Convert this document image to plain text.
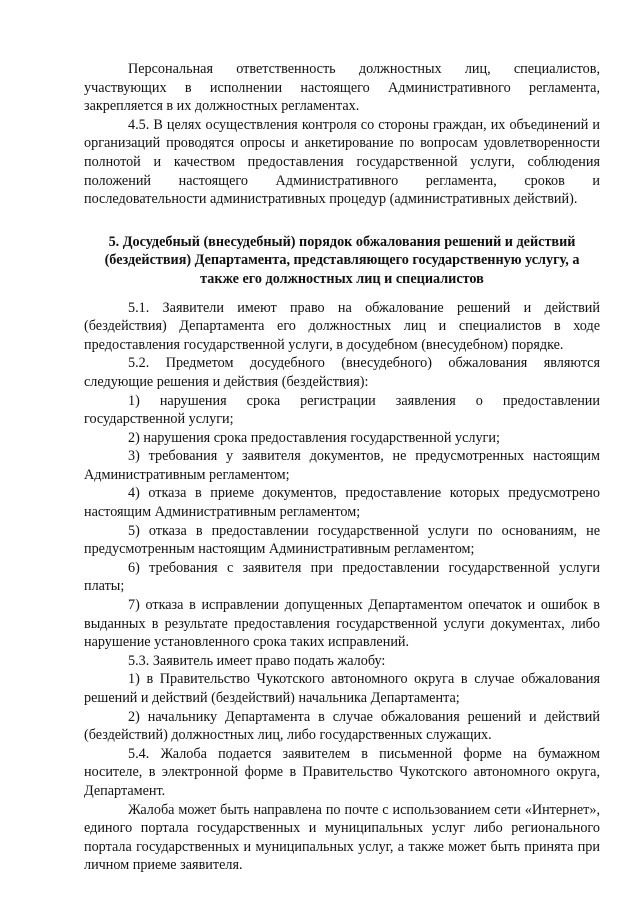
Персональная ответственность должностных лиц, специалистов, участвующих в исполнении настоящего Административного регламента, закрепляется в их должностных регламентах.

4.5. В целях осуществления контроля со стороны граждан, их объединений и организаций проводятся опросы и анкетирование по вопросам удовлетворенности полнотой и качеством предоставления государственной услуги, соблюдения положений настоящего Административного регламента, сроков и последовательности административных процедур (административных действий).

5. Досудебный (внесудебный) порядок обжалования решений и действий (бездействия) Департамента, представляющего государственную услугу, а также его должностных лиц и специалистов

5.1. Заявители имеют право на обжалование решений и действий (бездействия) Департамента его должностных лиц и специалистов в ходе предоставления государственной услуги, в досудебном (внесудебном) порядке.

5.2. Предметом досудебного (внесудебного) обжалования являются следующие решения и действия (бездействия):

1) нарушения срока регистрации заявления о предоставлении государственной услуги;

2) нарушения срока предоставления государственной услуги;

3) требования у заявителя документов, не предусмотренных настоящим Административным регламентом;

4) отказа в приеме документов, предоставление которых предусмотрено настоящим Административным регламентом;

5) отказа в предоставлении государственной услуги по основаниям, не предусмотренным настоящим Административным регламентом;

6) требования с заявителя при предоставлении государственной услуги платы;

7) отказа в исправлении допущенных Департаментом опечаток и ошибок в выданных в результате предоставления государственной услуги документах, либо нарушение установленного срока таких исправлений.

5.3. Заявитель имеет право подать жалобу:

1) в Правительство Чукотского автономного округа в случае обжалования решений и действий (бездействий) начальника Департамента;

2) начальнику Департамента в случае обжалования решений и действий (бездействий) должностных лиц, либо государственных служащих.

5.4. Жалоба подается заявителем в письменной форме на бумажном носителе, в электронной форме в Правительство Чукотского автономного округа, Департамент.

Жалоба может быть направлена по почте с использованием сети «Интернет», единого портала государственных и муниципальных услуг либо регионального портала государственных и муниципальных услуг, а также может быть принята при личном приеме заявителя.
